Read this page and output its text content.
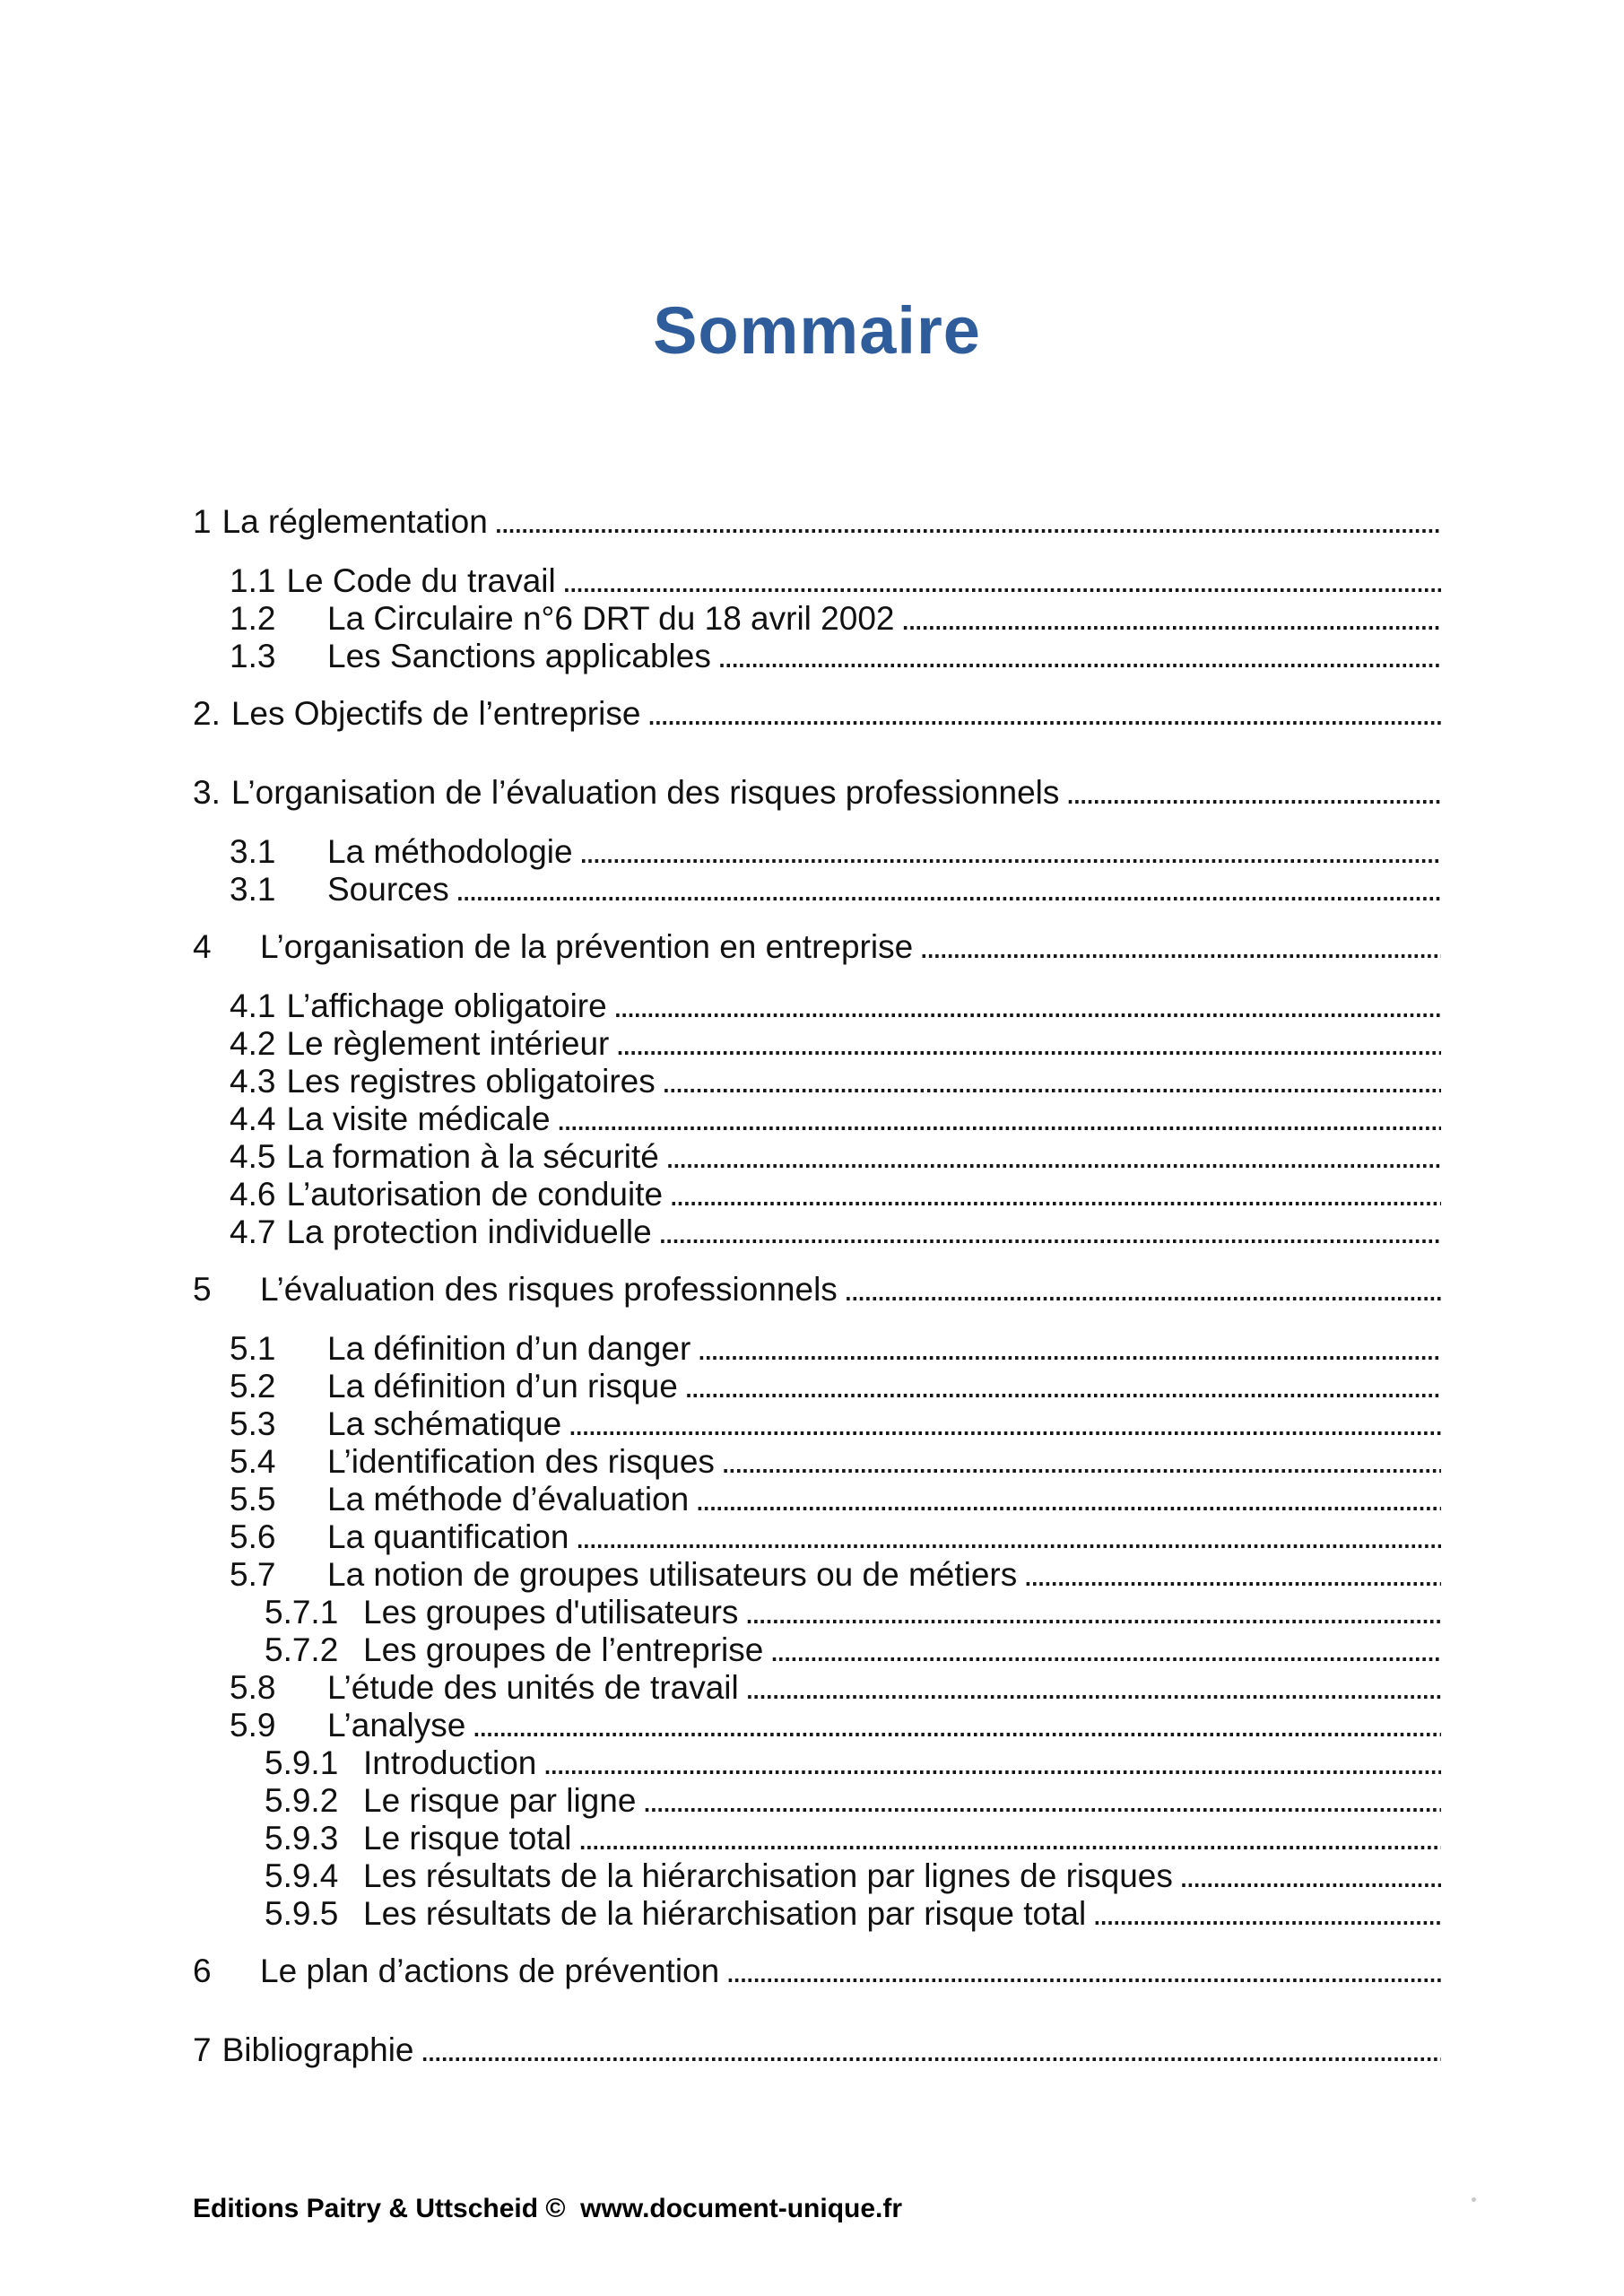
Sommaire
1 La réglementation
.....
1.1 Le Code du travail
.....
1.2	La Circulaire n°6 DRT du 18 avril 2002
.....
1.3	Les Sanctions applicables
.....
2. Les Objectifs de l’entreprise
.....
3. L’organisation de l’évaluation des risques professionnels
.....
3.1	La méthodologie
.....
3.1	Sources
.....
4	L’organisation de la prévention en entreprise
.....
4.1 L’affichage obligatoire
.....
4.2 Le règlement intérieur
.....
4.3 Les registres obligatoires
.....
4.4 La visite médicale
.....
4.5 La formation à la sécurité
.....
4.6 L’autorisation de conduite
.....
4.7 La protection individuelle
.....
5	L’évaluation des risques professionnels
.....
5.1	La définition d’un danger
.....
5.2	La définition d’un risque
.....
5.3	La schématique
.....
5.4	L’identification des risques
.....
5.5	La méthode d’évaluation
.....
5.6	La quantification
.....
5.7	La notion de groupes utilisateurs ou de métiers
.....
5.7.1 Les groupes d'utilisateurs
.....
5.7.2 Les groupes de l’entreprise
.....
5.8	L’étude des unités de travail
.....
5.9	L’analyse
.....
5.9.1 Introduction
.....
5.9.2 Le risque par ligne
.....
5.9.3 Le risque total
.....
5.9.4 Les résultats de la hiérarchisation par lignes de risques
.....
5.9.5 Les résultats de la hiérarchisation par risque total
.....
6	Le plan d’actions de prévention
.....
7 Bibliographie
.....
Editions Paitry & Uttscheid ©  www.document-unique.fr
